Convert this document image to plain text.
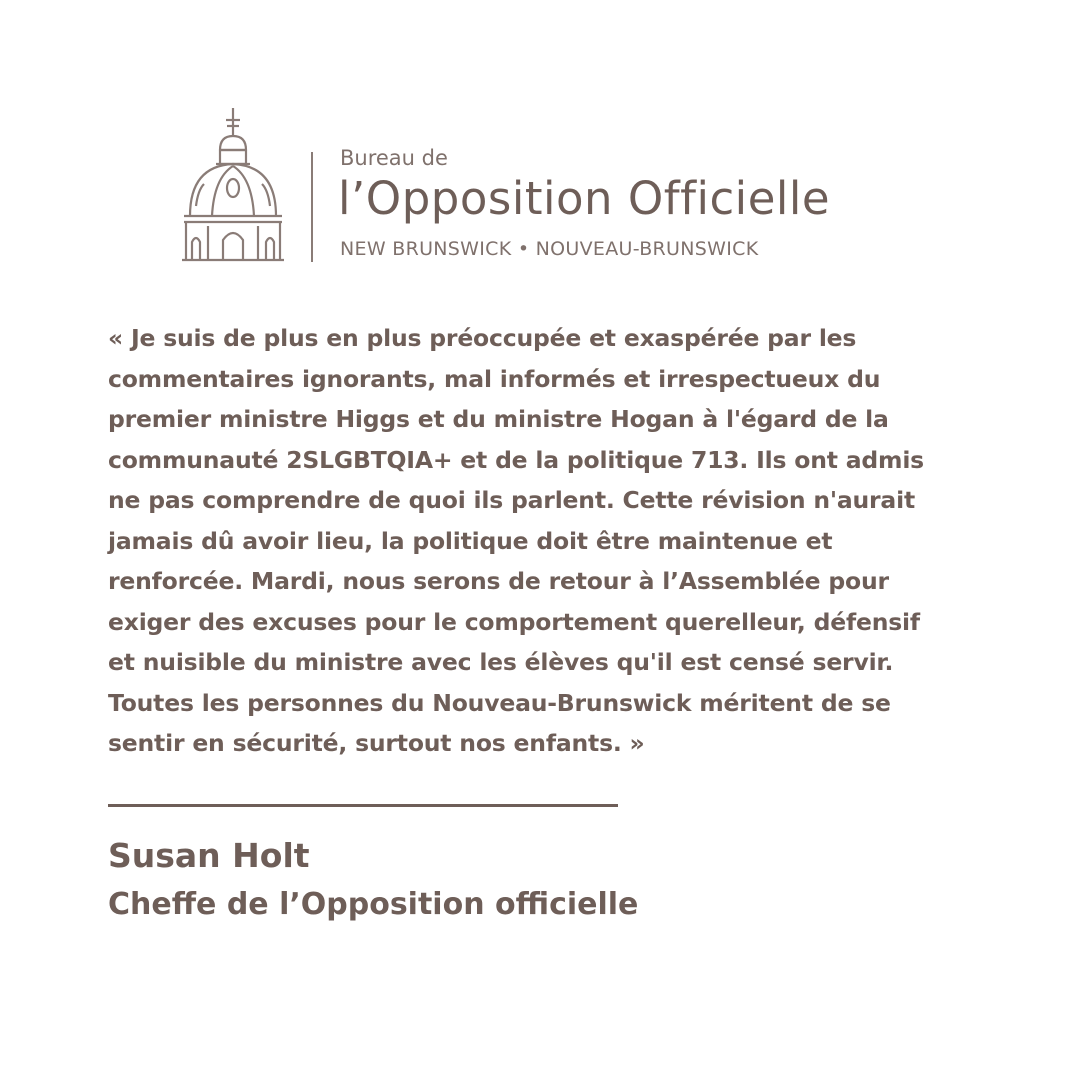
Bureau de
l’Opposition Officielle
NEW BRUNSWICK • NOUVEAU-BRUNSWICK
« Je suis de plus en plus préoccupée et exaspérée par les
commentaires ignorants, mal informés et irrespectueux du
premier ministre Higgs et du ministre Hogan à l'égard de la
communauté 2SLGBTQIA+ et de la politique 713. Ils ont admis
ne pas comprendre de quoi ils parlent. Cette révision n'aurait
jamais dû avoir lieu, la politique doit être maintenue et
renforcée. Mardi, nous serons de retour à l’Assemblée pour
exiger des excuses pour le comportement querelleur, défensif
et nuisible du ministre avec les élèves qu'il est censé servir.
Toutes les personnes du Nouveau-Brunswick méritent de se
sentir en sécurité, surtout nos enfants. »
Susan Holt
Cheffe de l’Opposition officielle
